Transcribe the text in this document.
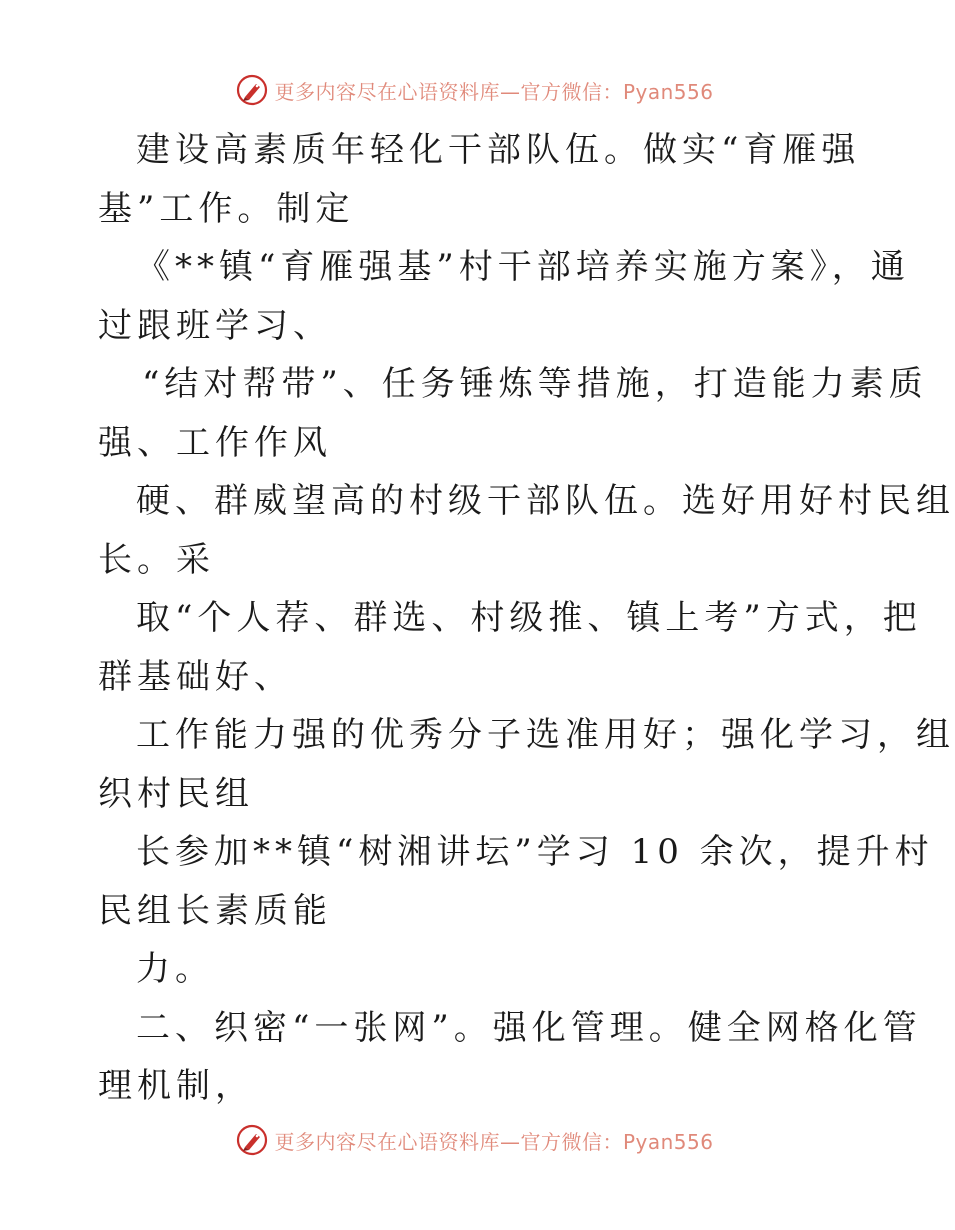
更多内容尽在心语资料库—官方微信：Pyan556
建设高素质年轻化干部队伍。做实“育雁强
基”工作。制定
《**镇“育雁强基”村干部培养实施方案》，通
过跟班学习、
“结对帮带”、任务锤炼等措施，打造能力素质
强、工作作风
硬、群威望高的村级干部队伍。选好用好村民组
长。采
取“个人荐、群选、村级推、镇上考”方式，把
群基础好、
工作能力强的优秀分子选准用好；强化学习，组
织村民组
长参加**镇“树湘讲坛”学习 10 余次，提升村
民组长素质能
力。
二、织密“一张网”。强化管理。健全网格化管
理机制，
更多内容尽在心语资料库—官方微信：Pyan556
